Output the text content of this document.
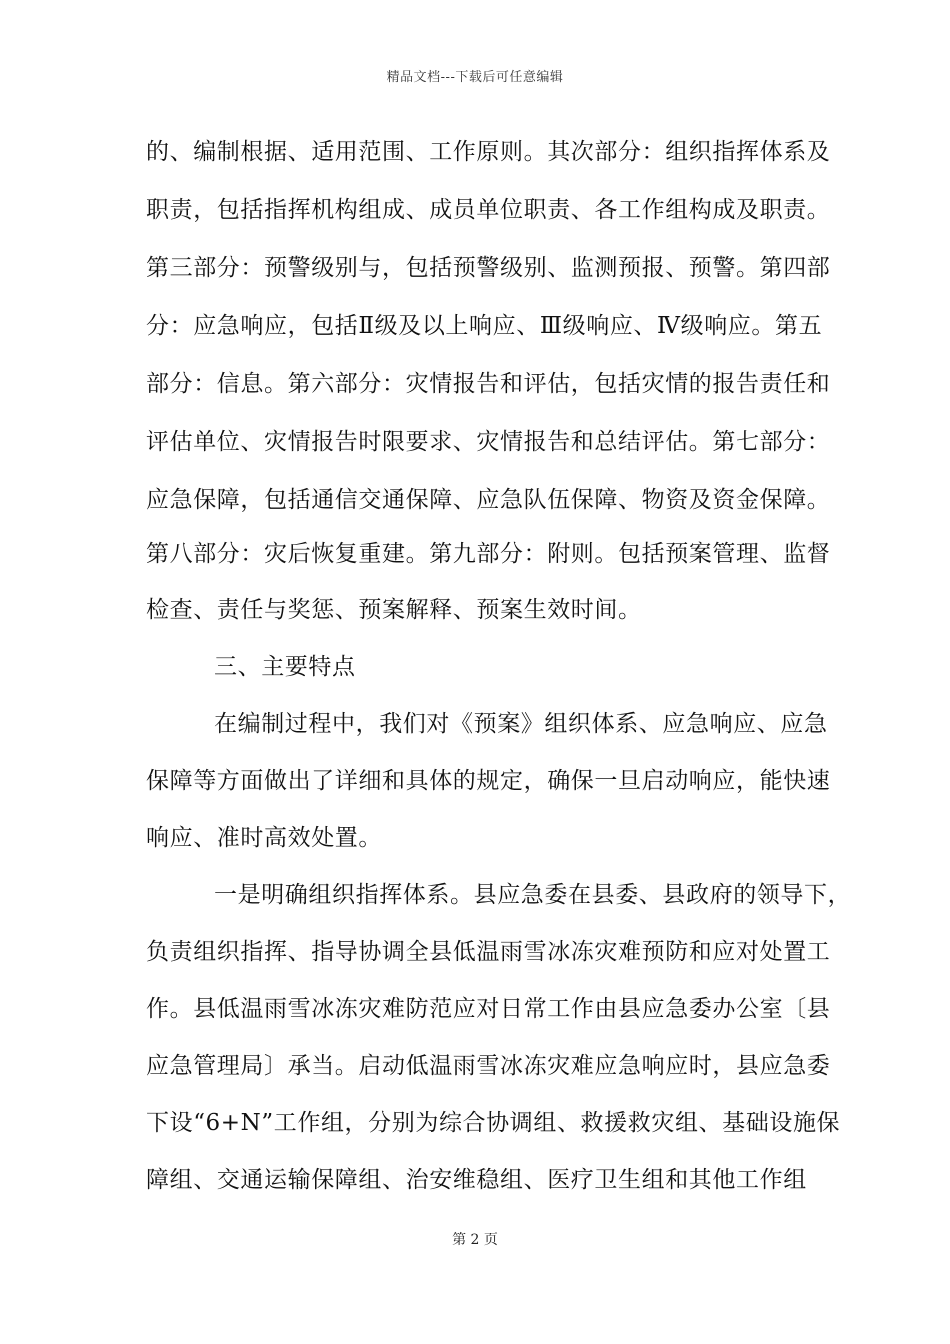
精品文档---下载后可任意编辑
的、编制根据、适用范围、工作原则。其次部分：组织指挥体系及
职责，包括指挥机构组成、成员单位职责、各工作组构成及职责。
第三部分：预警级别与，包括预警级别、监测预报、预警。第四部
分：应急响应，包括Ⅱ级及以上响应、Ⅲ级响应、Ⅳ级响应。第五
部分：信息。第六部分：灾情报告和评估，包括灾情的报告责任和
评估单位、灾情报告时限要求、灾情报告和总结评估。第七部分：
应急保障，包括通信交通保障、应急队伍保障、物资及资金保障。
第八部分：灾后恢复重建。第九部分：附则。包括预案管理、监督
检查、责任与奖惩、预案解释、预案生效时间。
三、主要特点
在编制过程中，我们对《预案》组织体系、应急响应、应急
保障等方面做出了详细和具体的规定，确保一旦启动响应，能快速
响应、准时高效处置。
一是明确组织指挥体系。县应急委在县委、县政府的领导下，
负责组织指挥、指导协调全县低温雨雪冰冻灾难预防和应对处置工
作。县低温雨雪冰冻灾难防范应对日常工作由县应急委办公室〔县
应急管理局〕承当。启动低温雨雪冰冻灾难应急响应时，县应急委
下设“6+N”工作组，分别为综合协调组、救援救灾组、基础设施保
障组、交通运输保障组、治安维稳组、医疗卫生组和其他工作组
第 2 页
